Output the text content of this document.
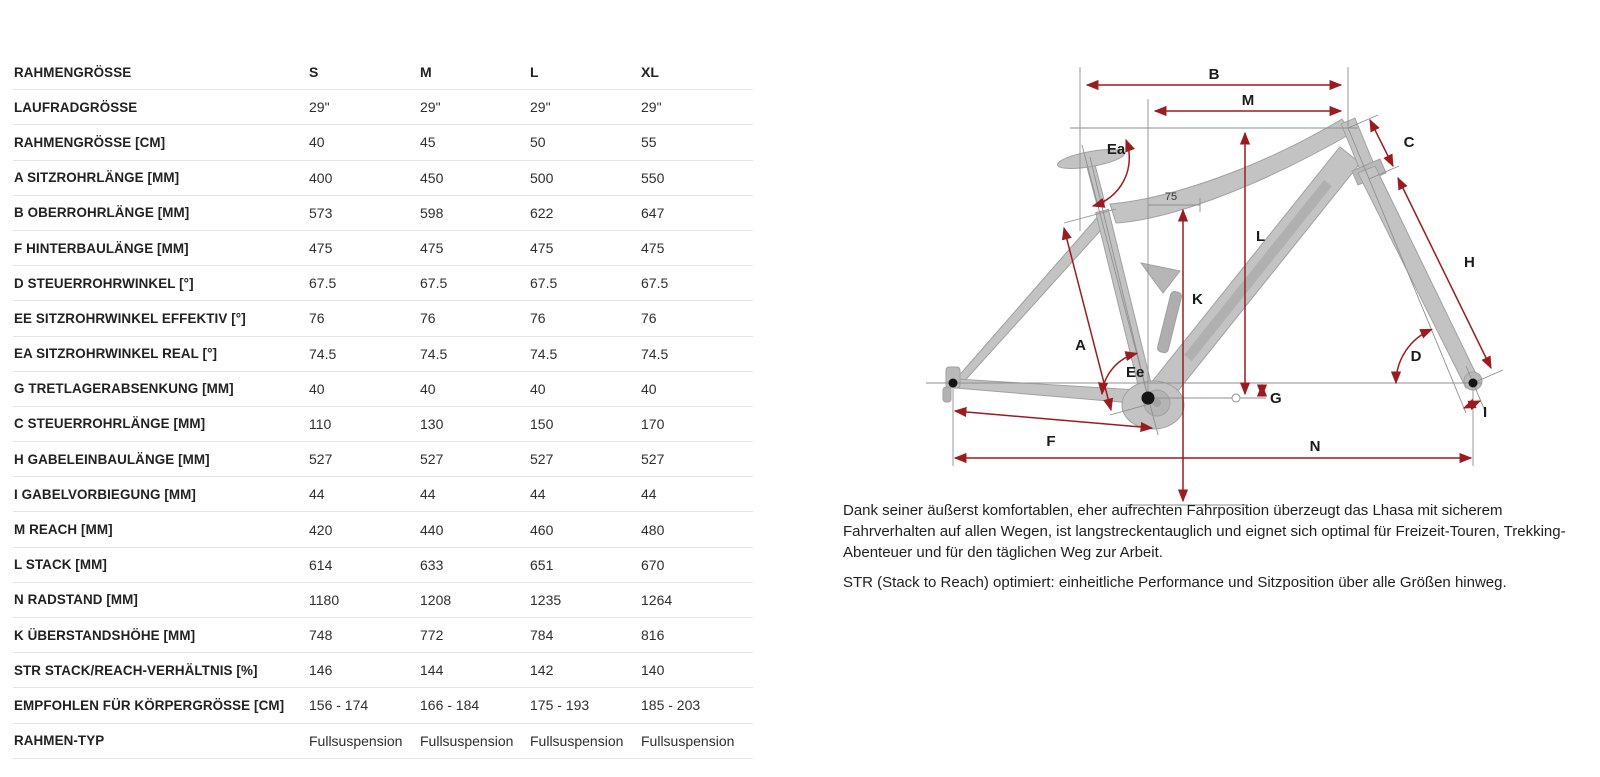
RAHMENGRÖSSE	S	M	L	XL
LAUFRADGRÖSSE	29"	29"	29"	29"
RAHMENGRÖSSE [CM]	40	45	50	55
A SITZROHRLÄNGE [MM]	400	450	500	550
B OBERROHRLÄNGE [MM]	573	598	622	647
F HINTERBAULÄNGE [MM]	475	475	475	475
D STEUERROHRWINKEL [°]	67.5	67.5	67.5	67.5
EE SITZROHRWINKEL EFFEKTIV [°]	76	76	76	76
EA SITZROHRWINKEL REAL [°]	74.5	74.5	74.5	74.5
G TRETLAGERABSENKUNG [MM]	40	40	40	40
C STEUERROHRLÄNGE [MM]	110	130	150	170
H GABELEINBAULÄNGE [MM]	527	527	527	527
I GABELVORBIEGUNG [MM]	44	44	44	44
M REACH [MM]	420	440	460	480
L STACK [MM]	614	633	651	670
N RADSTAND [MM]	1180	1208	1235	1264
K ÜBERSTANDSHÖHE [MM]	748	772	784	816
STR STACK/REACH-VERHÄLTNIS [%]	146	144	142	140
EMPFOHLEN FÜR KÖRPERGRÖSSE [CM]	156 - 174	166 - 184	175 - 193	185 - 203
RAHMEN-TYP	Fullsuspension	Fullsuspension	Fullsuspension	Fullsuspension
B
M
Ea
75
C
L
K
A
Ee
H
D
G
F	N
I

Dank seiner äußerst komfortablen, eher aufrechten Fahrposition überzeugt das Lhasa mit sicherem Fahrverhalten auf allen Wegen, ist langstreckentauglich und eignet sich optimal für Freizeit-Touren, Trekking-Abenteuer und für den täglichen Weg zur Arbeit.

STR (Stack to Reach) optimiert: einheitliche Performance und Sitzposition über alle Größen hinweg.
